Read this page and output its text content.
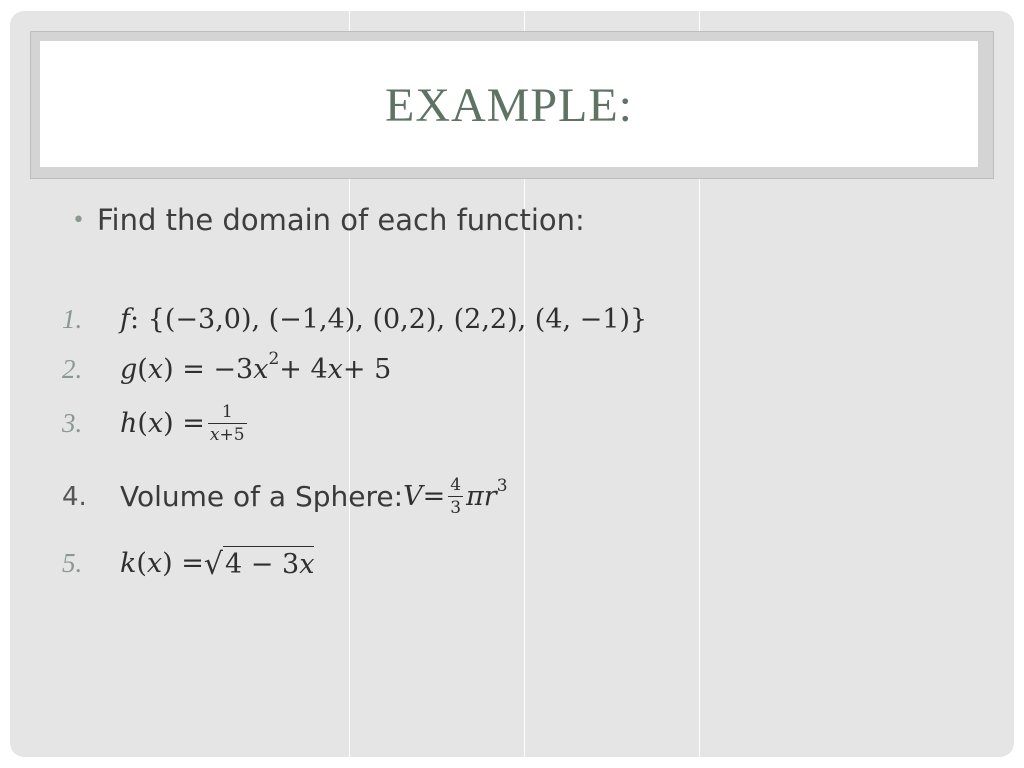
EXAMPLE:
• Find the domain of each function:
1.	f : {(−3,0), (−1,4), (0,2), (2,2), (4, −1)}
2.	g ( x ) = −3 x 2 + 4 x + 5
3.	h ( x ) = $\frac{1}{x+5}$
4.	Volume of a Sphere: $V = \frac{4}{3}$ π r 3
5.	k ( x ) = √ 4 − 3x
